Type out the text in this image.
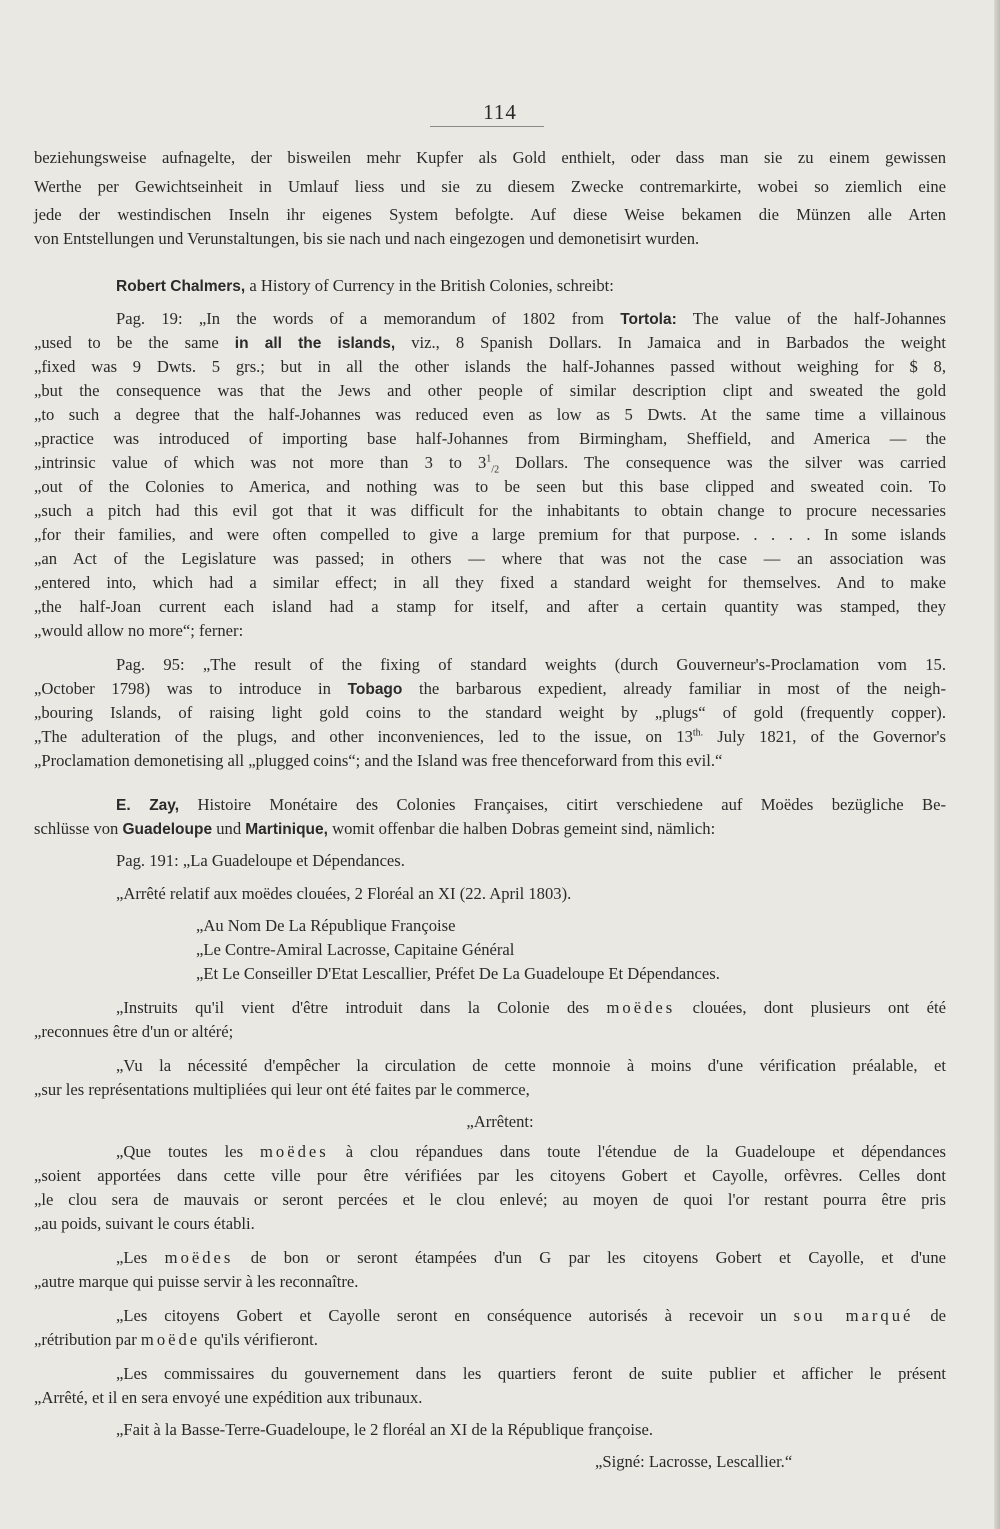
114
beziehungsweise aufnagelte, der bisweilen mehr Kupfer als Gold enthielt, oder dass man sie zu einem gewissen
Werthe per Gewichtseinheit in Umlauf liess und sie zu diesem Zwecke contremarkirte, wobei so ziemlich eine
jede der westindischen Inseln ihr eigenes System befolgte. Auf diese Weise bekamen die Münzen alle Arten
von Entstellungen und Verunstaltungen, bis sie nach und nach eingezogen und demonetisirt wurden.
Robert Chalmers, a History of Currency in the British Colonies, schreibt:
Pag. 19: „In the words of a memorandum of 1802 from Tortola: The value of the half-Johannes
„used to be the same in all the islands, viz., 8 Spanish Dollars. In Jamaica and in Barbados the weight
„fixed was 9 Dwts. 5 grs.; but in all the other islands the half-Johannes passed without weighing for $ 8,
„but the consequence was that the Jews and other people of similar description clipt and sweated the gold
„to such a degree that the half-Johannes was reduced even as low as 5 Dwts. At the same time a villainous
„practice was introduced of importing base half-Johannes from Birmingham, Sheffield, and America — the
„intrinsic value of which was not more than 3 to $3^1_{/2}$ Dollars. The consequence was the silver was carried
„out of the Colonies to America, and nothing was to be seen but this base clipped and sweated coin. To
„such a pitch had this evil got that it was difficult for the inhabitants to obtain change to procure necessaries
„for their families, and were often compelled to give a large premium for that purpose. . . . . In some islands
„an Act of the Legislature was passed; in others — where that was not the case — an association was
„entered into, which had a similar effect; in all they fixed a standard weight for themselves. And to make
„the half-Joan current each island had a stamp for itself, and after a certain quantity was stamped, they
„would allow no more“; ferner:
Pag. 95: „The result of the fixing of standard weights (durch Gouverneur's-Proclamation vom 15.
„October 1798) was to introduce in Tobago the barbarous expedient, already familiar in most of the neigh-
„bouring Islands, of raising light gold coins to the standard weight by „plugs“ of gold (frequently copper).
„The adulteration of the plugs, and other inconveniences, led to the issue, on $13^{th.}$ July 1821, of the Governor's
„Proclamation demonetising all „plugged coins“; and the Island was free thenceforward from this evil.“
E. Zay, Histoire Monétaire des Colonies Françaises, citirt verschiedene auf Moëdes bezügliche Be-
schlüsse von Guadeloupe und Martinique, womit offenbar die halben Dobras gemeint sind, nämlich:
Pag. 191: „La Guadeloupe et Dépendances.
„Arrêté relatif aux moëdes clouées, 2 Floréal an XI (22. April 1803).
„Au Nom De La République Françoise
„Le Contre-Amiral Lacrosse, Capitaine Général
„Et Le Conseiller D'Etat Lescallier, Préfet De La Guadeloupe Et Dépendances.
„Instruits qu'il vient d'être introduit dans la Colonie des moëdes clouées, dont plusieurs ont été
„reconnues être d'un or altéré;
„Vu la nécessité d'empêcher la circulation de cette monnoie à moins d'une vérification préalable, et
„sur les représentations multipliées qui leur ont été faites par le commerce,
„Arrêtent:
„Que toutes les moëdes à clou répandues dans toute l'étendue de la Guadeloupe et dépendances
„soient apportées dans cette ville pour être vérifiées par les citoyens Gobert et Cayolle, orfèvres. Celles dont
„le clou sera de mauvais or seront percées et le clou enlevé; au moyen de quoi l'or restant pourra être pris
„au poids, suivant le cours établi.
„Les moëdes de bon or seront étampées d'un G par les citoyens Gobert et Cayolle, et d'une
„autre marque qui puisse servir à les reconnaître.
„Les citoyens Gobert et Cayolle seront en conséquence autorisés à recevoir un sou marqué de
„rétribution par moëde qu'ils vérifieront.
„Les commissaires du gouvernement dans les quartiers feront de suite publier et afficher le présent
„Arrêté, et il en sera envoyé une expédition aux tribunaux.
„Fait à la Basse-Terre-Guadeloupe, le 2 floréal an XI de la République françoise.
„Signé: Lacrosse, Lescallier.“
